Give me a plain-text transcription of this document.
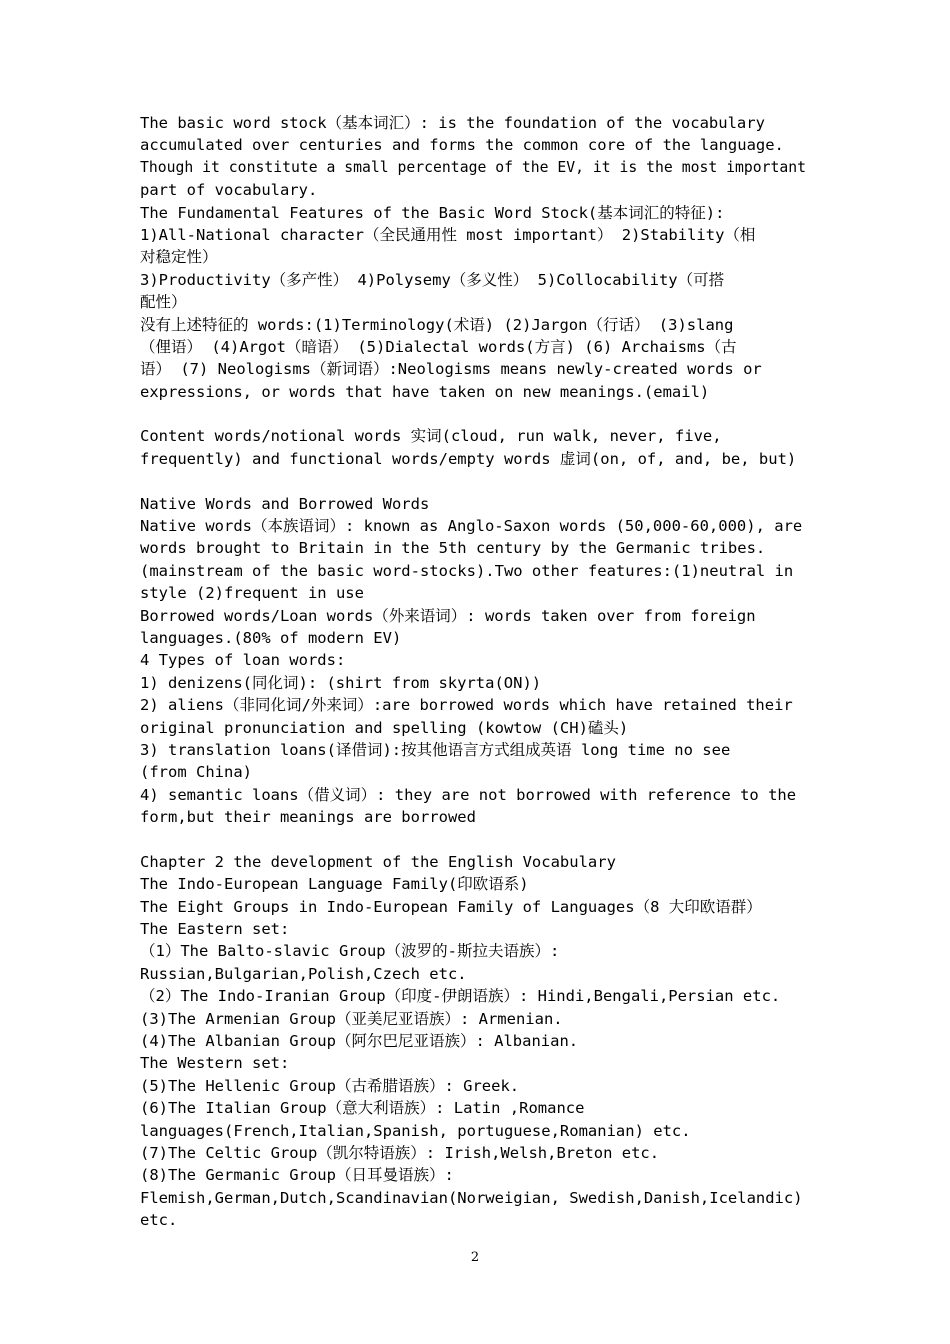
The basic word stock（基本词汇）: is the foundation of the vocabulary
accumulated over centuries and forms the common core of the language.
Though it constitute a small percentage of the EV, it is the most important
part of vocabulary.
The Fundamental Features of the Basic Word Stock(基本词汇的特征):
1)All-National character（全民通用性 most important） 2)Stability（相
对稳定性）
3)Productivity（多产性） 4)Polysemy（多义性） 5)Collocability（可搭
配性）
没有上述特征的 words:(1)Terminology(术语) (2)Jargon（行话） (3)slang
（俚语） (4)Argot（暗语） (5)Dialectal words(方言) (6) Archaisms（古
语） (7) Neologisms（新词语）:Neologisms means newly-created words or
expressions, or words that have taken on new meanings.(email)
Content words/notional words 实词(cloud, run walk, never, five,
frequently) and functional words/empty words 虚词(on, of, and, be, but)
Native Words and Borrowed Words
Native words（本族语词）: known as Anglo-Saxon words (50,000-60,000), are
words brought to Britain in the 5th century by the Germanic tribes.
(mainstream of the basic word-stocks).Two other features:(1)neutral in
style (2)frequent in use
Borrowed words/Loan words（外来语词）: words taken over from foreign
languages.(80% of modern EV)
4 Types of loan words:
1) denizens(同化词): (shirt from skyrta(ON))
2) aliens（非同化词/外来词）:are borrowed words which have retained their
original pronunciation and spelling (kowtow (CH)磕头)
3) translation loans(译借词):按其他语言方式组成英语 long time no see
(from China)
4) semantic loans（借义词）: they are not borrowed with reference to the
form,but their meanings are borrowed
Chapter 2 the development of the English Vocabulary
The Indo-European Language Family(印欧语系)
The Eight Groups in Indo-European Family of Languages（8 大印欧语群）
The Eastern set:
（1）The Balto-slavic Group（波罗的-斯拉夫语族）:
Russian,Bulgarian,Polish,Czech etc.
（2）The Indo-Iranian Group（印度-伊朗语族）: Hindi,Bengali,Persian etc.
(3)The Armenian Group（亚美尼亚语族）: Armenian.
(4)The Albanian Group（阿尔巴尼亚语族）: Albanian.
The Western set:
(5)The Hellenic Group（古希腊语族）: Greek.
(6)The Italian Group（意大利语族）: Latin ,Romance
languages(French,Italian,Spanish, portuguese,Romanian) etc.
(7)The Celtic Group（凯尔特语族）: Irish,Welsh,Breton etc.
(8)The Germanic Group（日耳曼语族）:
Flemish,German,Dutch,Scandinavian(Norweigian, Swedish,Danish,Icelandic)
etc.
2
